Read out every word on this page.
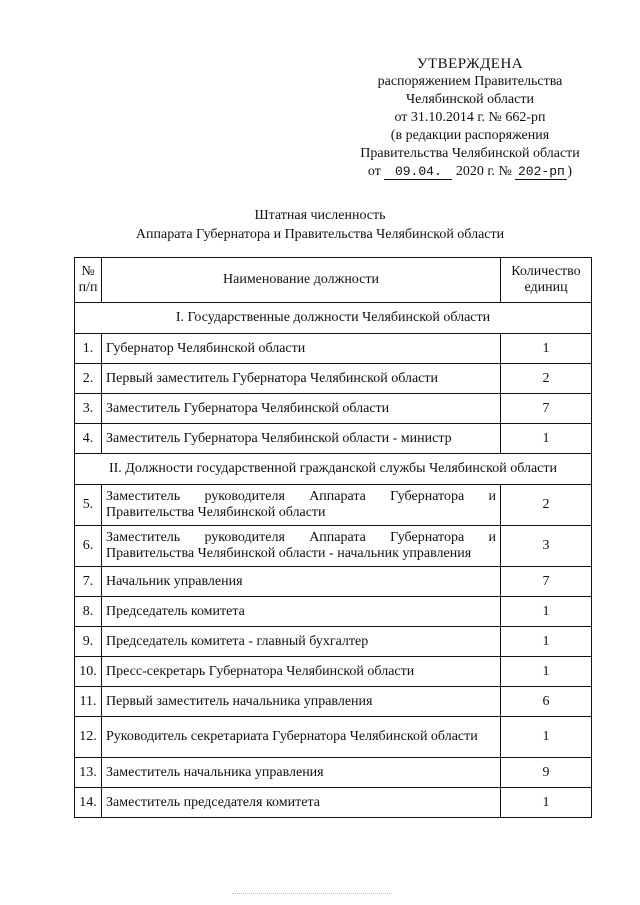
УТВЕРЖДЕНА
распоряжением Правительства
Челябинской области
от 31.10.2014 г. № 662-рп
(в редакции распоряжения
Правительства Челябинской области
от 09.04. 2020 г. № 202-рп )
Штатная численность
Аппарата Губернатора и Правительства Челябинской области
№ п/п	Наименование должности	Количество единиц
I. Государственные должности Челябинской области		
1.	Губернатор Челябинской области	1
2.	Первый заместитель Губернатора Челябинской области	2
3.	Заместитель Губернатора Челябинской области	7
4.	Заместитель Губернатора Челябинской области - министр	1
II. Должности государственной гражданской службы Челябинской области		
5.	Заместитель руководителя Аппарата Губернатора и Правительства Челябинской области	2
6.	Заместитель руководителя Аппарата Губернатора и Правительства Челябинской области - начальник управления	3
7.	Начальник управления	7
8.	Председатель комитета	1
9.	Председатель комитета - главный бухгалтер	1
10.	Пресс-секретарь Губернатора Челябинской области	1
11.	Первый заместитель начальника управления	6
12.	Руководитель секретариата Губернатора Челябинской области	1
13.	Заместитель начальника управления	9
14.	Заместитель председателя комитета	1
